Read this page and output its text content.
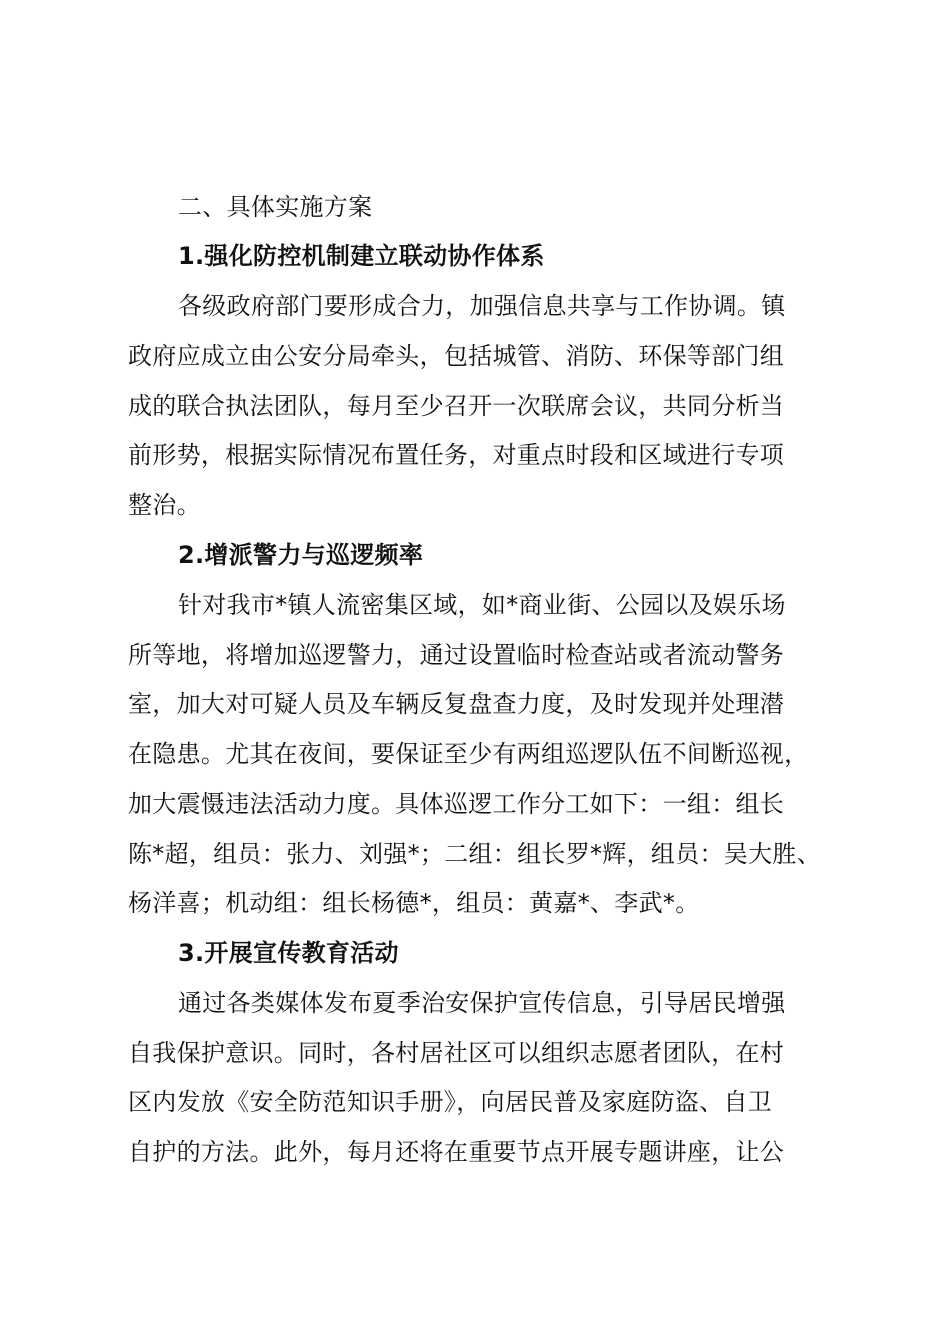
二、具体实施方案
1.强化防控机制建立联动协作体系
各级政府部门要形成合力，加强信息共享与工作协调。镇
政府应成立由公安分局牵头，包括城管、消防、环保等部门组
成的联合执法团队，每月至少召开一次联席会议，共同分析当
前形势，根据实际情况布置任务，对重点时段和区域进行专项
整治。
2.增派警力与巡逻频率
针对我市*镇人流密集区域，如*商业街、公园以及娱乐场
所等地，将增加巡逻警力，通过设置临时检查站或者流动警务
室，加大对可疑人员及车辆反复盘查力度，及时发现并处理潜
在隐患。尤其在夜间，要保证至少有两组巡逻队伍不间断巡视，
加大震慑违法活动力度。具体巡逻工作分工如下：一组：组长
陈*超，组员：张力、刘强*；二组：组长罗*辉，组员：吴大胜、
杨洋喜；机动组：组长杨德*，组员：黄嘉*、李武*。
3.开展宣传教育活动
通过各类媒体发布夏季治安保护宣传信息，引导居民增强
自我保护意识。同时，各村居社区可以组织志愿者团队，在村
区内发放《安全防范知识手册》，向居民普及家庭防盗、自卫
自护的方法。此外，每月还将在重要节点开展专题讲座，让公
